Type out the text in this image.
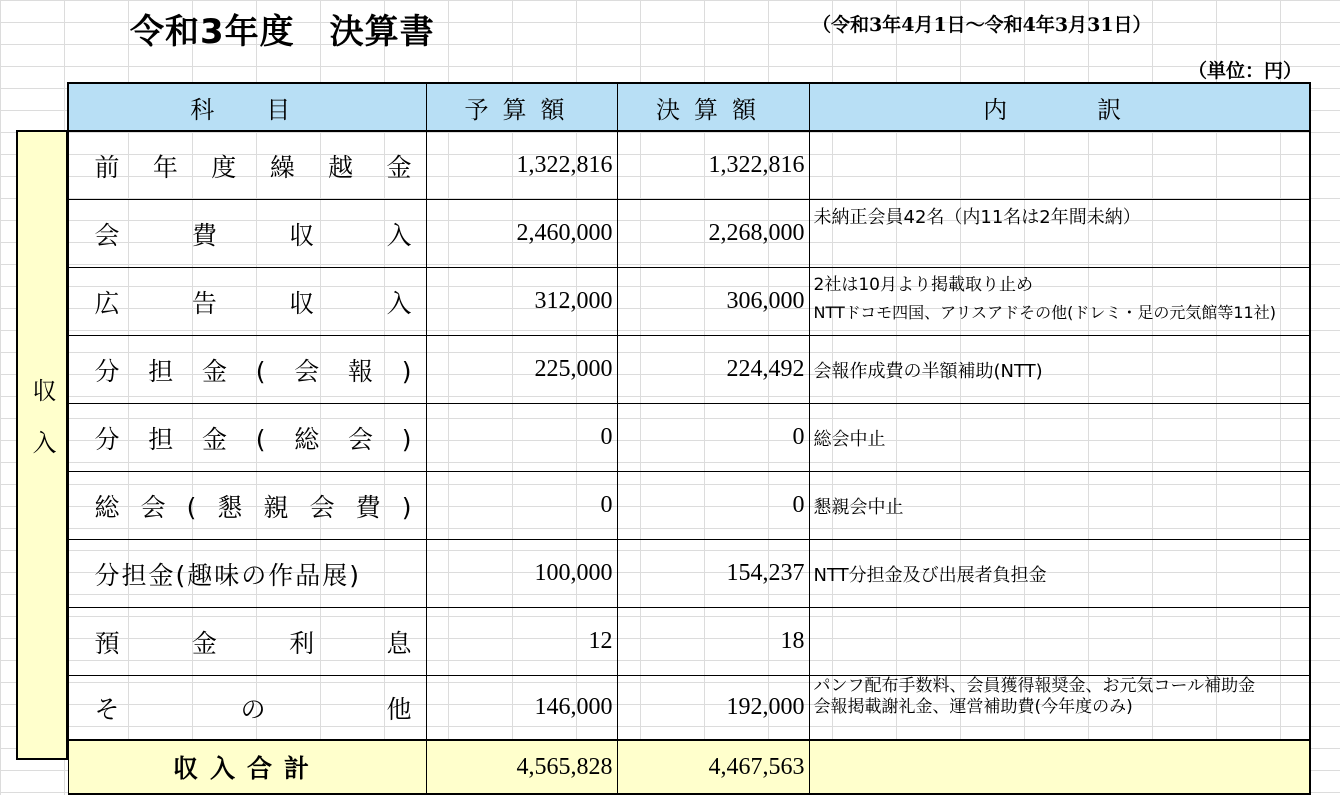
令和3年度　決算書	（令和3年4月1日～令和4年3月31日）
（単位：円）
収 入
科　目	予算額	決算額	内　　訳
前年度繰越金	1,322,816	1,322,816	
会費収入	2,460,000	2,268,000	未納正会員42名（内11名は2年間未納）

広告収入	312,000	306,000	2社は10月より掲載取り止め
NTTドコモ四国、アリスアドその他(ドレミ・足の元気館等11社)

分担金(会報)	225,000	224,492	会報作成費の半額補助(NTT)
分担金(総会)	0	0	総会中止
総会(懇親会費)	0	0	懇親会中止
分担金(趣味の作品展)	100,000	154,237	NTT分担金及び出展者負担金
預金利息	12	18	
その他	146,000	192,000	パンフ配布手数料、会員獲得報奨金、お元気コール補助金
会報掲載謝礼金、運営補助費(今年度のみ)

収入合計	4,565,828	4,467,563	
